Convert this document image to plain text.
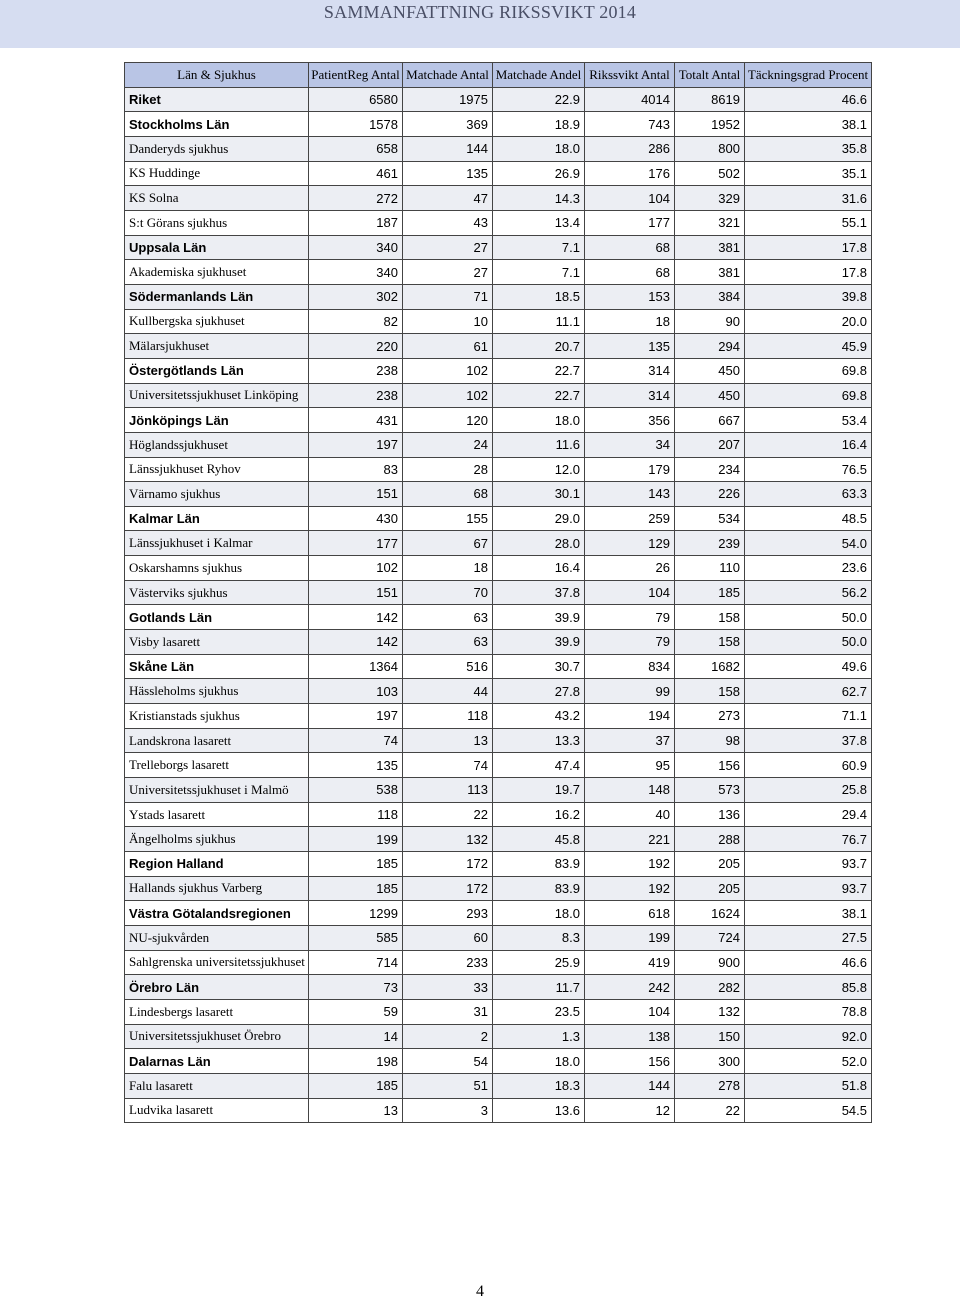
SAMMANFATTNING RIKSSVIKT 2014
Län & Sjukhus	PatientReg Antal	Matchade Antal	Matchade Andel	Rikssvikt Antal	Totalt Antal	Täckningsgrad Procent
Riket	6580	1975	22.9	4014	8619	46.6
Stockholms Län	1578	369	18.9	743	1952	38.1
Danderyds sjukhus	658	144	18.0	286	800	35.8
KS Huddinge	461	135	26.9	176	502	35.1
KS Solna	272	47	14.3	104	329	31.6
S:t Görans sjukhus	187	43	13.4	177	321	55.1
Uppsala Län	340	27	7.1	68	381	17.8
Akademiska sjukhuset	340	27	7.1	68	381	17.8
Södermanlands Län	302	71	18.5	153	384	39.8
Kullbergska sjukhuset	82	10	11.1	18	90	20.0
Mälarsjukhuset	220	61	20.7	135	294	45.9
Östergötlands Län	238	102	22.7	314	450	69.8
Universitetssjukhuset Linköping	238	102	22.7	314	450	69.8
Jönköpings Län	431	120	18.0	356	667	53.4
Höglandssjukhuset	197	24	11.6	34	207	16.4
Länssjukhuset Ryhov	83	28	12.0	179	234	76.5
Värnamo sjukhus	151	68	30.1	143	226	63.3
Kalmar Län	430	155	29.0	259	534	48.5
Länssjukhuset i Kalmar	177	67	28.0	129	239	54.0
Oskarshamns sjukhus	102	18	16.4	26	110	23.6
Västerviks sjukhus	151	70	37.8	104	185	56.2
Gotlands Län	142	63	39.9	79	158	50.0
Visby lasarett	142	63	39.9	79	158	50.0
Skåne Län	1364	516	30.7	834	1682	49.6
Hässleholms sjukhus	103	44	27.8	99	158	62.7
Kristianstads sjukhus	197	118	43.2	194	273	71.1
Landskrona lasarett	74	13	13.3	37	98	37.8
Trelleborgs lasarett	135	74	47.4	95	156	60.9
Universitetssjukhuset i Malmö	538	113	19.7	148	573	25.8
Ystads lasarett	118	22	16.2	40	136	29.4
Ängelholms sjukhus	199	132	45.8	221	288	76.7
Region Halland	185	172	83.9	192	205	93.7
Hallands sjukhus Varberg	185	172	83.9	192	205	93.7
Västra Götalandsregionen	1299	293	18.0	618	1624	38.1
NU-sjukvården	585	60	8.3	199	724	27.5
Sahlgrenska universitetssjukhuset	714	233	25.9	419	900	46.6
Örebro Län	73	33	11.7	242	282	85.8
Lindesbergs lasarett	59	31	23.5	104	132	78.8
Universitetssjukhuset Örebro	14	2	1.3	138	150	92.0
Dalarnas Län	198	54	18.0	156	300	52.0
Falu lasarett	185	51	18.3	144	278	51.8
Ludvika lasarett	13	3	13.6	12	22	54.5
4
